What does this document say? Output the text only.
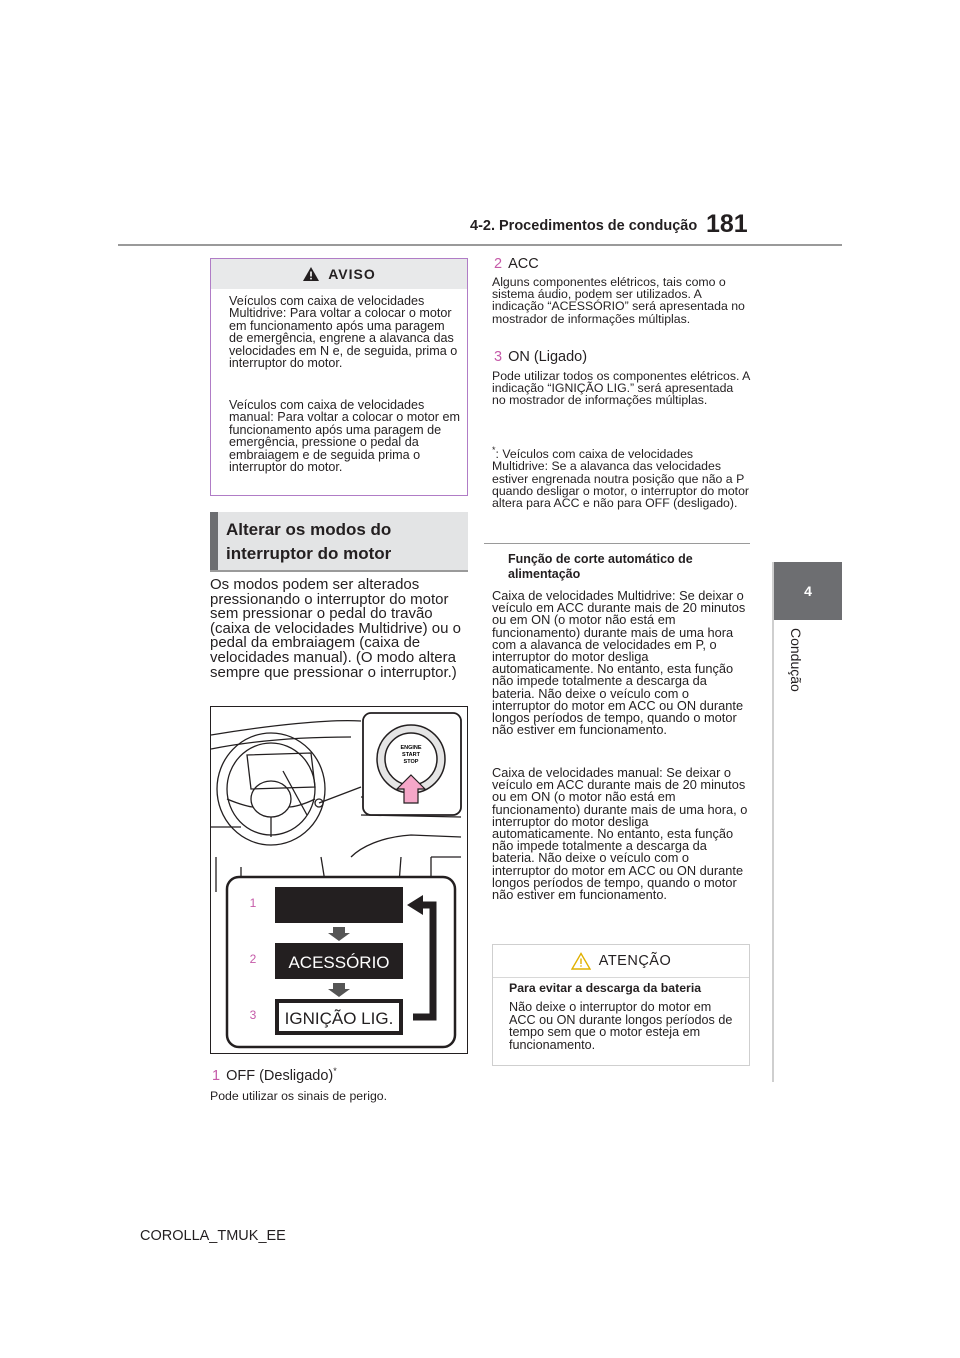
4-2. Procedimentos de condução 181
4
Condução
AVISO

Veículos com caixa de velocidades Multidrive: Para voltar a colocar o motor em funcionamento após uma paragem de emergência, engrene a alavanca das velocidades em N e, de seguida, prima o interruptor do motor.

Veículos com caixa de velocidades manual: Para voltar a colocar o motor em funcionamento após uma paragem de emergência, pressione o pedal da embraiagem e de seguida prima o interruptor do motor.

Alterar os modos do interruptor do motor
Os modos podem ser alterados pressionando o interruptor do motor sem pressionar o pedal do travão (caixa de velocidades Multidrive) ou o pedal da embraiagem (caixa de velocidades manual). (O modo altera sempre que pressionar o interruptor.)
ENGINE
START
STOP
1
2
3
ACESSÓRIO
IGNIÇÃO LIG.
1 OFF (Desligado)*
Pode utilizar os sinais de perigo.
2 ACC
Alguns componentes elétricos, tais como o sistema áudio, podem ser utilizados. A indicação “ACESSÓRIO” será apresentada no mostrador de informações múltiplas.
3 ON (Ligado)
Pode utilizar todos os componentes elétricos. A indicação “IGNIÇÃO LIG.” será apresentada no mostrador de informações múltiplas.
*: Veículos com caixa de velocidades Multidrive: Se a alavanca das velocidades estiver engrenada noutra posição que não a P quando desligar o motor, o interruptor do motor altera para ACC e não para OFF (desligado).
Função de corte automático de alimentação
Caixa de velocidades Multidrive: Se deixar o veículo em ACC durante mais de 20 minutos ou em ON (o motor não está em funcionamento) durante mais de uma hora com a alavanca de velocidades em P, o interruptor do motor desliga automaticamente. No entanto, esta função não impede totalmente a descarga da bateria. Não deixe o veículo com o interruptor do motor em ACC ou ON durante longos períodos de tempo, quando o motor não estiver em funcionamento.
Caixa de velocidades manual: Se deixar o veículo em ACC durante mais de 20 minutos ou em ON (o motor não está em funcionamento) durante mais de uma hora, o interruptor do motor desliga automaticamente. No entanto, esta função não impede totalmente a descarga da bateria. Não deixe o veículo com o interruptor do motor em ACC ou ON durante longos períodos de tempo, quando o motor não estiver em funcionamento.
ATENÇÃO
Para evitar a descarga da bateria
Não deixe o interruptor do motor em ACC ou ON durante longos períodos de tempo sem que o motor esteja em funcionamento.
COROLLA_TMUK_EE
